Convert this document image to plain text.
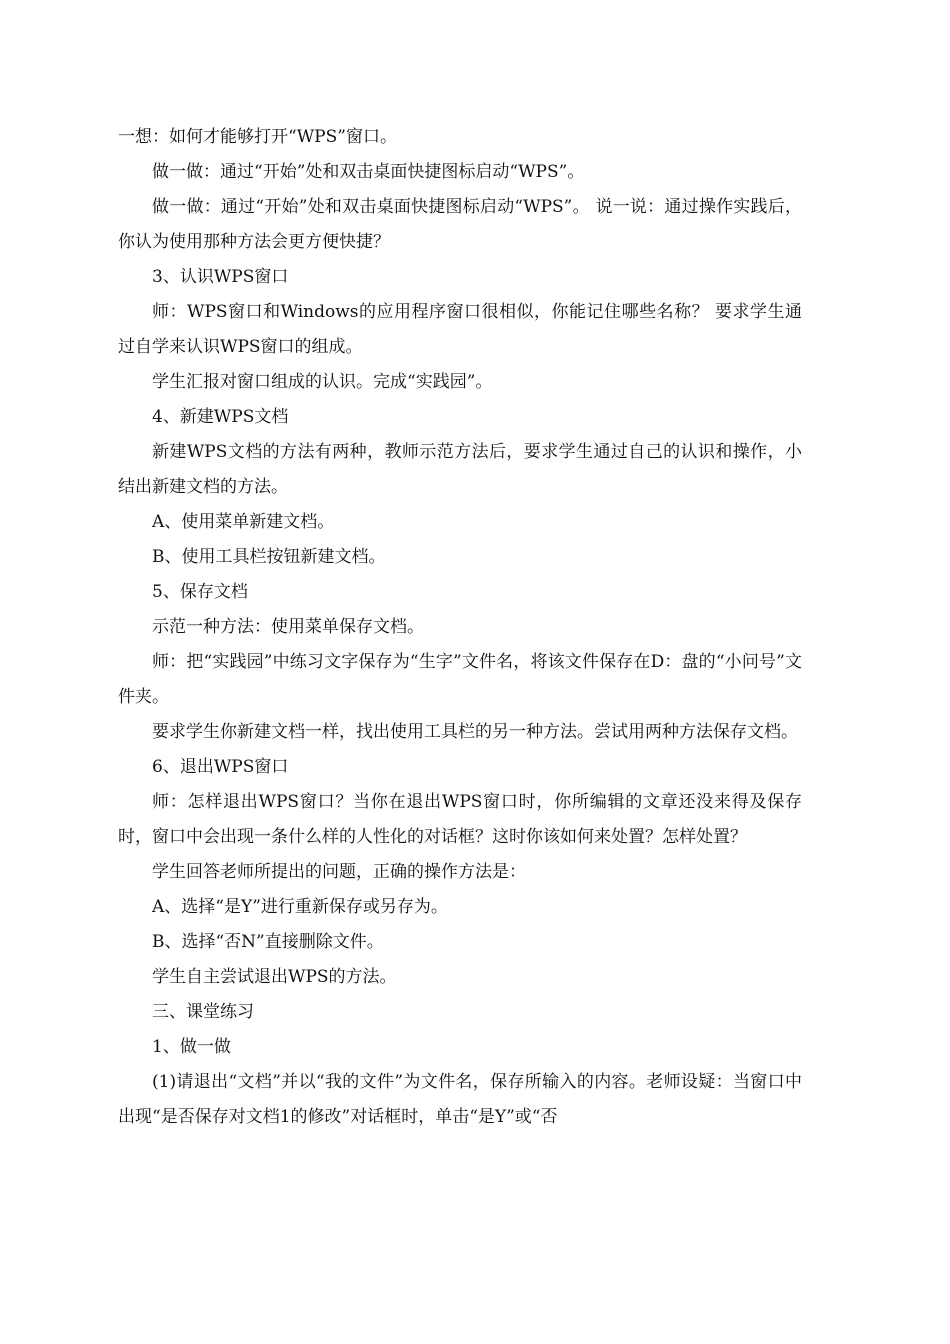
一想：如何才能够打开“WPS”窗口。

做一做：通过“开始”处和双击桌面快捷图标启动“WPS”。

做一做：通过“开始”处和双击桌面快捷图标启动“WPS”。 说一说：通过操作实践后，你认为使用那种方法会更方便快捷？

3、认识WPS窗口

师：WPS窗口和Windows的应用程序窗口很相似，你能记住哪些名称？ 要求学生通过自学来认识WPS窗口的组成。

学生汇报对窗口组成的认识。完成“实践园”。

4、新建WPS文档

新建WPS文档的方法有两种，教师示范方法后，要求学生通过自己的认识和操作，小结出新建文档的方法。

A、使用菜单新建文档。

B、使用工具栏按钮新建文档。

5、保存文档

示范一种方法：使用菜单保存文档。

师：把“实践园”中练习文字保存为“生字”文件名，将该文件保存在D：盘的“小问号”文件夹。

要求学生你新建文档一样，找出使用工具栏的另一种方法。尝试用两种方法保存文档。

6、退出WPS窗口

师：怎样退出WPS窗口？当你在退出WPS窗口时，你所编辑的文章还没来得及保存时，窗口中会出现一条什么样的人性化的对话框？这时你该如何来处置？怎样处置？

学生回答老师所提出的问题，正确的操作方法是：

A、选择“是Y”进行重新保存或另存为。

B、选择“否N”直接删除文件。

学生自主尝试退出WPS的方法。

三、课堂练习

1、做一做

(1)请退出“文档”并以“我的文件”为文件名，保存所输入的内容。老师设疑：当窗口中出现“是否保存对文档1的修改”对话框时，单击“是Y”或“否
